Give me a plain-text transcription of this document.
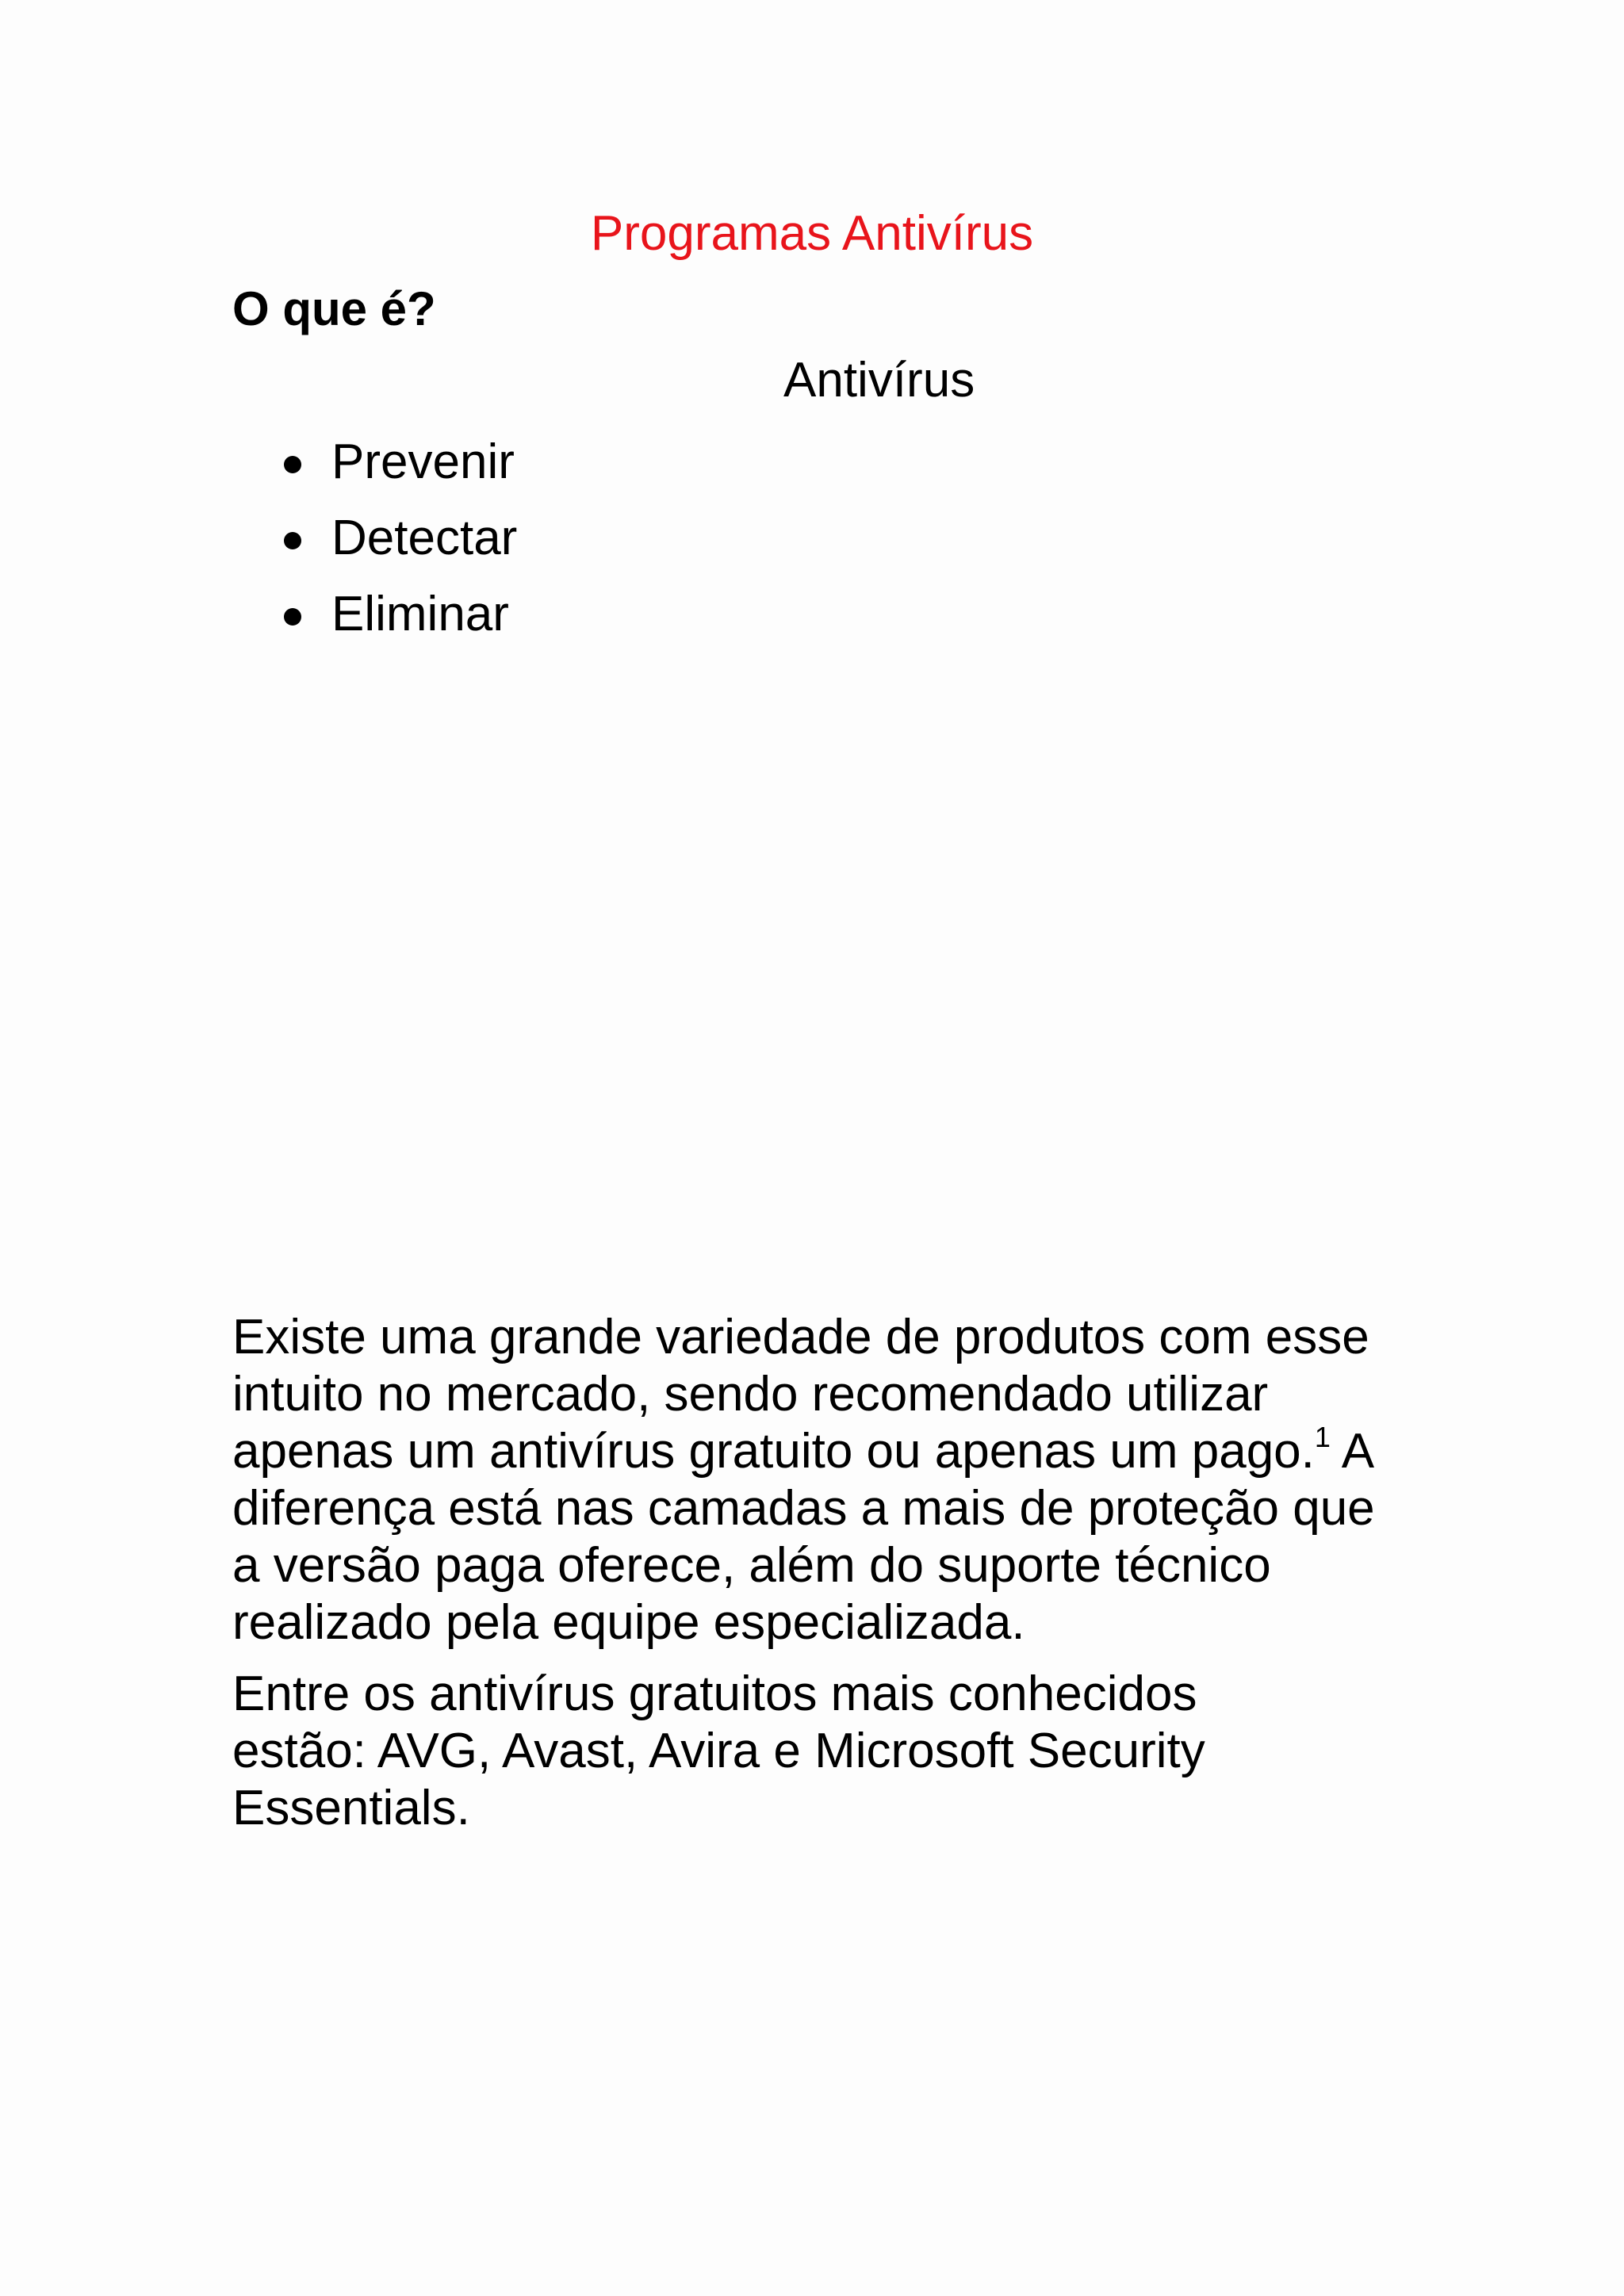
Programas Antivírus
O que é?
Antivírus
Prevenir
Detectar
Eliminar

Existe uma grande variedade de produtos com esse
intuito no mercado, sendo recomendado utilizar
apenas um antivírus gratuito ou apenas um pago.$^1$ A
diferença está nas camadas a mais de proteção que
a versão paga oferece, além do suporte técnico
realizado pela equipe especializada.

Entre os antivírus gratuitos mais conhecidos
estão: AVG, Avast, Avira e Microsoft Security
Essentials.
